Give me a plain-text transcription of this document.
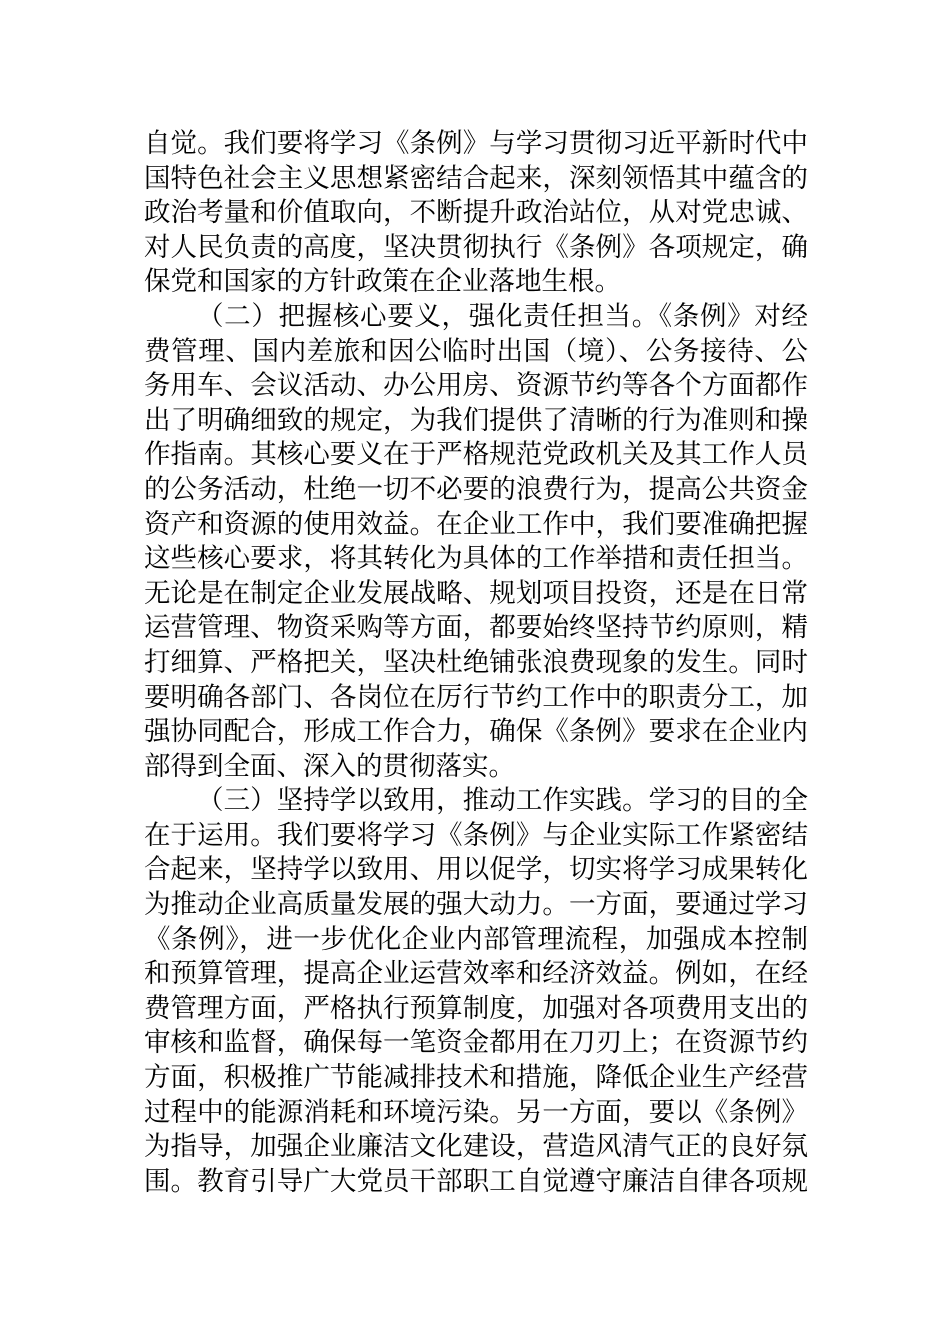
自觉。我们要将学习《条例》与学习贯彻习近平新时代中
国特色社会主义思想紧密结合起来，深刻领悟其中蕴含的
政治考量和价值取向，不断提升政治站位，从对党忠诚、
对人民负责的高度，坚决贯彻执行《条例》各项规定，确
保党和国家的方针政策在企业落地生根。
（二）把握核心要义，强化责任担当。《条例》对经
费管理、国内差旅和因公临时出国（境）、公务接待、公
务用车、会议活动、办公用房、资源节约等各个方面都作
出了明确细致的规定，为我们提供了清晰的行为准则和操
作指南。其核心要义在于严格规范党政机关及其工作人员
的公务活动，杜绝一切不必要的浪费行为，提高公共资金
资产和资源的使用效益。在企业工作中，我们要准确把握
这些核心要求，将其转化为具体的工作举措和责任担当。
无论是在制定企业发展战略、规划项目投资，还是在日常
运营管理、物资采购等方面，都要始终坚持节约原则，精
打细算、严格把关，坚决杜绝铺张浪费现象的发生。同时
要明确各部门、各岗位在厉行节约工作中的职责分工，加
强协同配合，形成工作合力，确保《条例》要求在企业内
部得到全面、深入的贯彻落实。
（三）坚持学以致用，推动工作实践。学习的目的全
在于运用。我们要将学习《条例》与企业实际工作紧密结
合起来，坚持学以致用、用以促学，切实将学习成果转化
为推动企业高质量发展的强大动力。一方面，要通过学习
《条例》，进一步优化企业内部管理流程，加强成本控制
和预算管理，提高企业运营效率和经济效益。例如，在经
费管理方面，严格执行预算制度，加强对各项费用支出的
审核和监督，确保每一笔资金都用在刀刃上；在资源节约
方面，积极推广节能减排技术和措施，降低企业生产经营
过程中的能源消耗和环境污染。另一方面，要以《条例》
为指导，加强企业廉洁文化建设，营造风清气正的良好氛
围。教育引导广大党员干部职工自觉遵守廉洁自律各项规
